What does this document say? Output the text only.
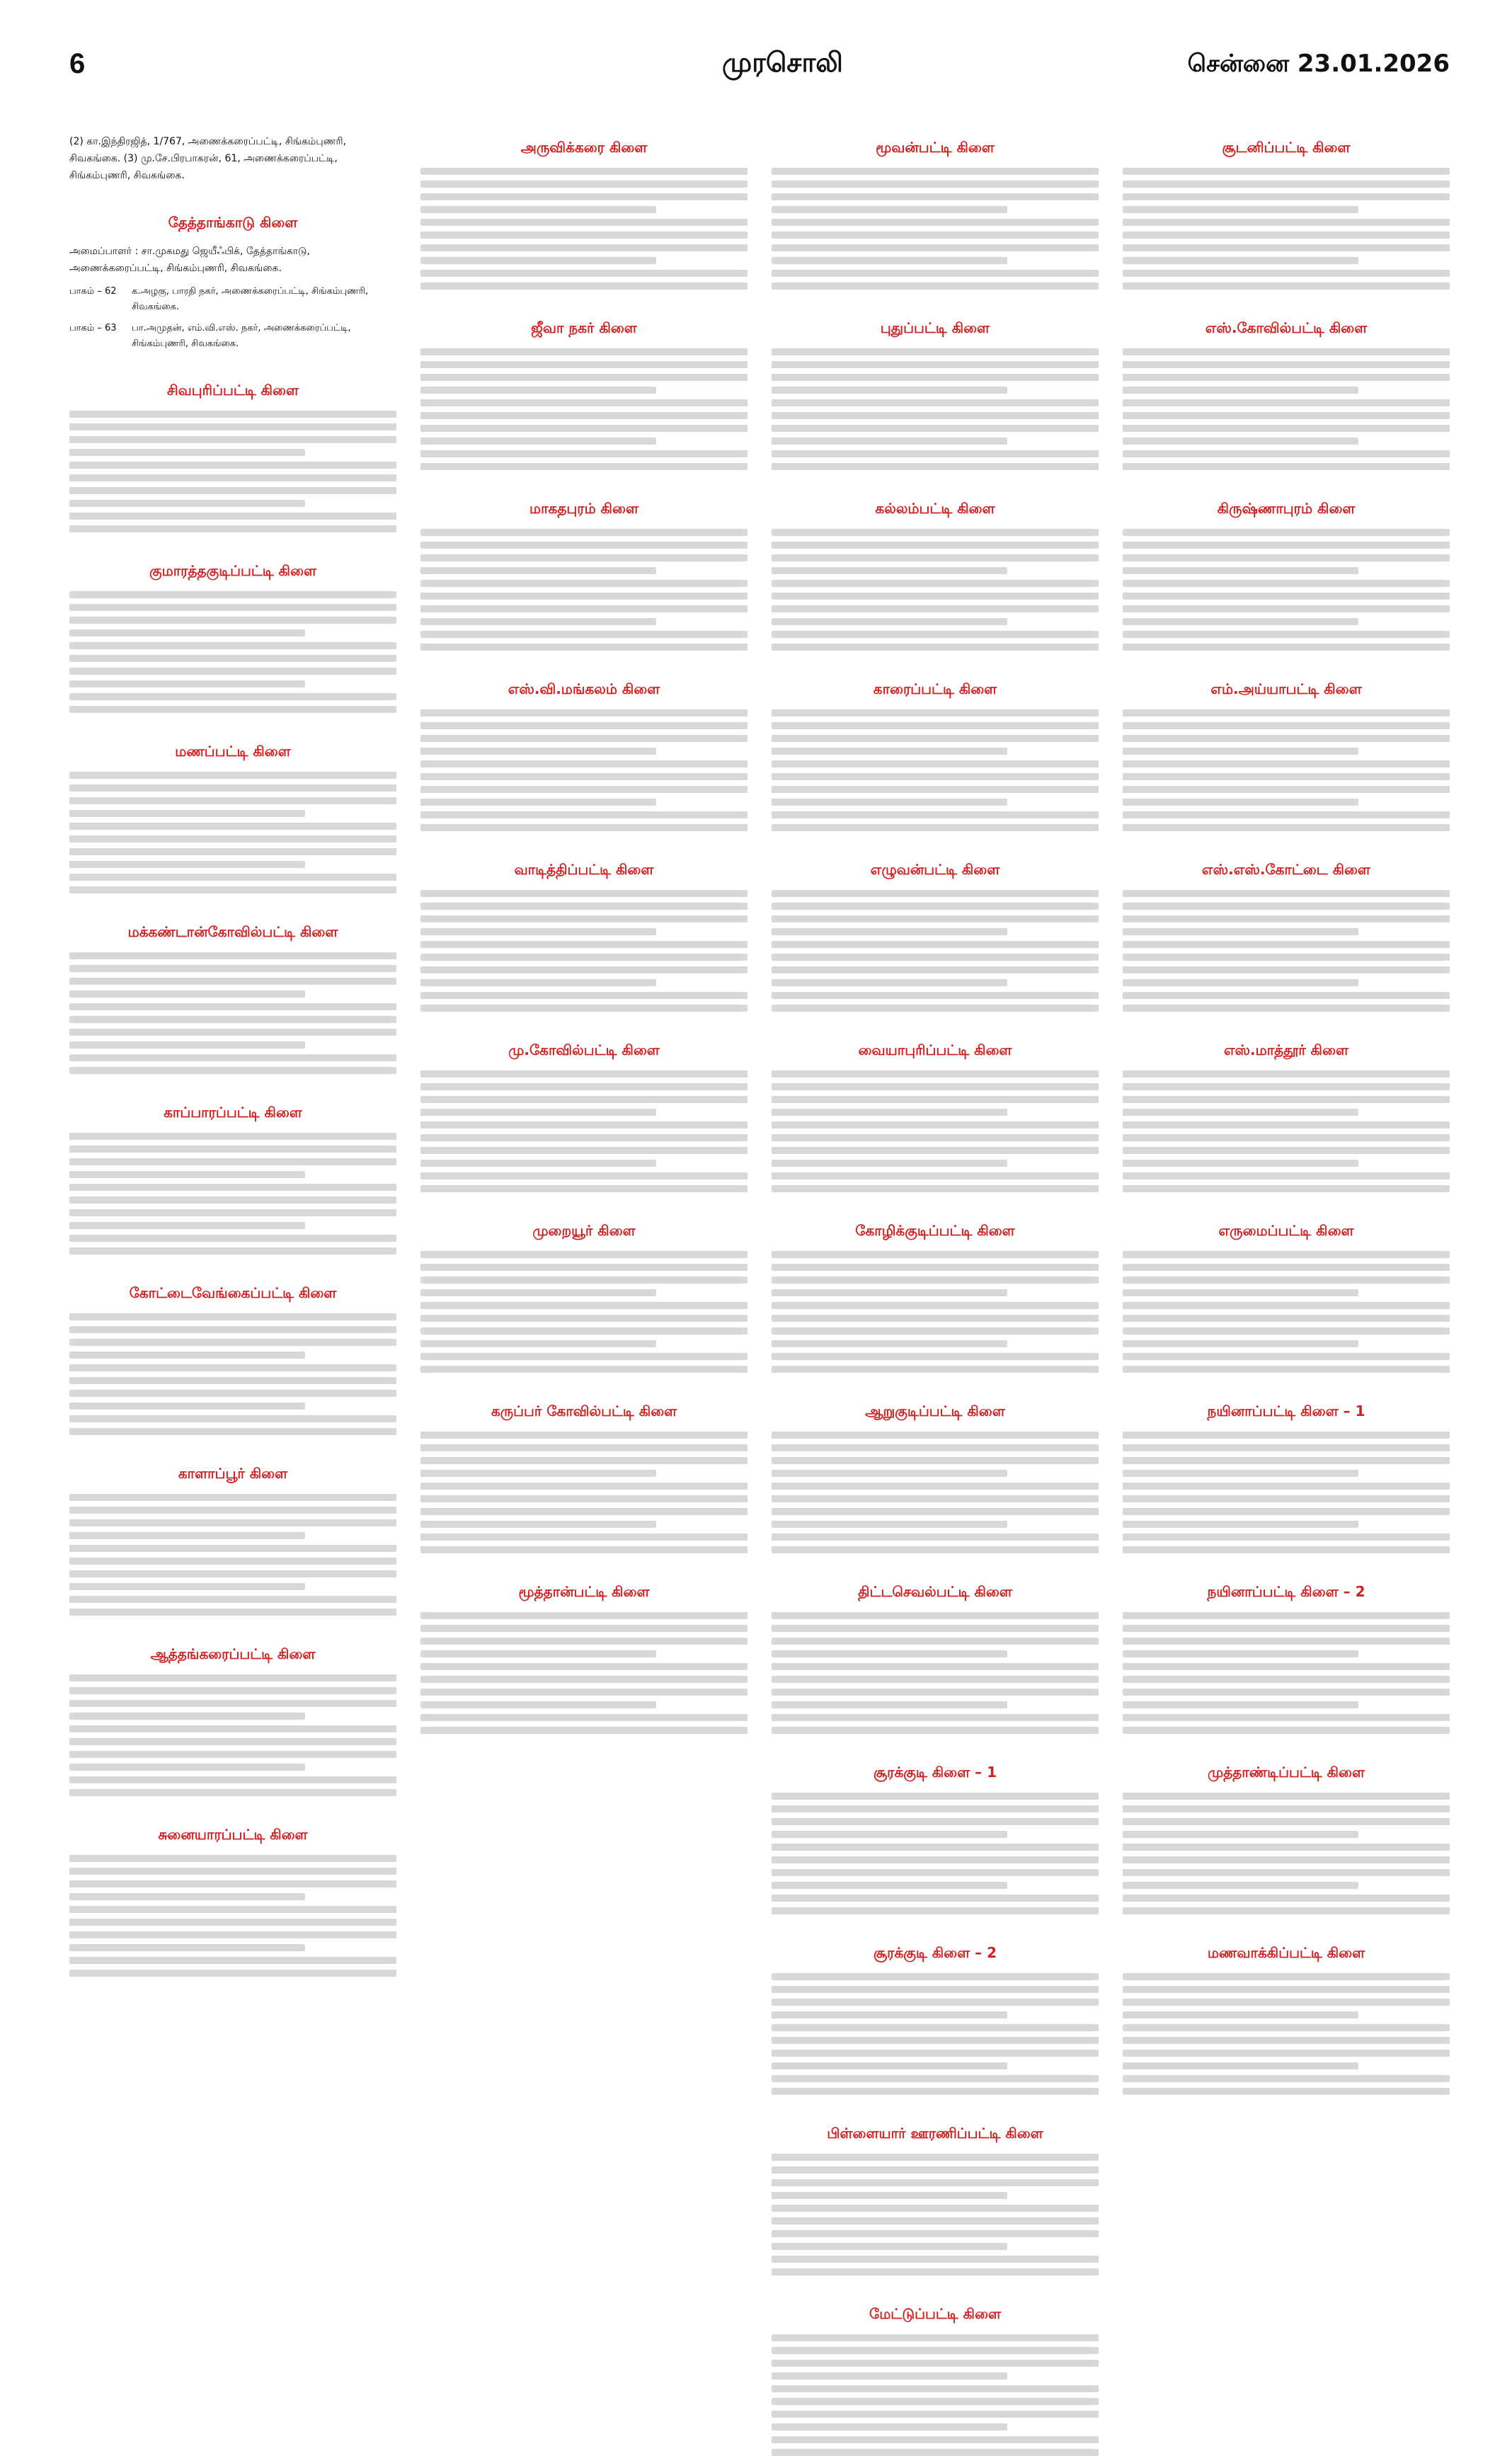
6	முரசொலி	சென்னை 23.01.2026
(2) கா.இந்திரஜித், 1/767, அணைக்கரைப்பட்டி, சிங்கம்புணரி, சிவகங்கை. (3) மு.சே.பிரபாகரன், 61, அணைக்கரைப்பட்டி, சிங்கம்புணரி, சிவகங்கை.
தேத்தாங்காடு கிளை
அமைப்பாளர் : சா.முகமது ஜெயீஃபிக், தேத்தாங்காடு, அணைக்கரைப்பட்டி, சிங்கம்புணரி, சிவகங்கை.
பாகம் – 62	க.அழகு, பாரதி நகர், அணைக்கரைப்பட்டி, சிங்கம்புணரி, சிவகங்கை.
பாகம் – 63	பா.அமுதன், எம்.வி.எஸ். நகர், அணைக்கரைப்பட்டி, சிங்கம்புணரி, சிவகங்கை.
சிவபுரிப்பட்டி கிளை
குமாரத்தகுடிப்பட்டி கிளை
மணப்பட்டி கிளை
மக்கண்டான்கோவில்பட்டி கிளை
காப்பாரப்பட்டி கிளை
கோட்டைவேங்கைப்பட்டி கிளை
காளாப்பூர் கிளை
ஆத்தங்கரைப்பட்டி கிளை
சுனையாரப்பட்டி கிளை
அருவிக்கரை கிளை
ஜீவா நகர் கிளை
மாகதபுரம் கிளை
எஸ்.வி.மங்கலம் கிளை
வாடித்திப்பட்டி கிளை
மு.கோவில்பட்டி கிளை
முறையூர் கிளை
கருப்பர் கோவில்பட்டி கிளை
மூத்தான்பட்டி கிளை
மூவன்பட்டி கிளை
புதுப்பட்டி கிளை
கல்லம்பட்டி கிளை
காரைப்பட்டி கிளை
எழுவன்பட்டி கிளை
வையாபுரிப்பட்டி கிளை
கோழிக்குடிப்பட்டி கிளை
ஆறுகுடிப்பட்டி கிளை
திட்டசெவல்பட்டி கிளை
சூரக்குடி கிளை – 1
சூரக்குடி கிளை – 2
பிள்ளையார் ஊரணிப்பட்டி கிளை
மேட்டுப்பட்டி கிளை
சூடனிப்பட்டி கிளை
எஸ்.கோவில்பட்டி கிளை
கிருஷ்ணாபுரம் கிளை
எம்.அய்யாபட்டி கிளை
எஸ்.எஸ்.கோட்டை கிளை
எஸ்.மாத்தூர் கிளை
எருமைப்பட்டி கிளை
நயினாப்பட்டி கிளை – 1
நயினாப்பட்டி கிளை – 2
முத்தாண்டிப்பட்டி கிளை
மணவாக்கிப்பட்டி கிளை
